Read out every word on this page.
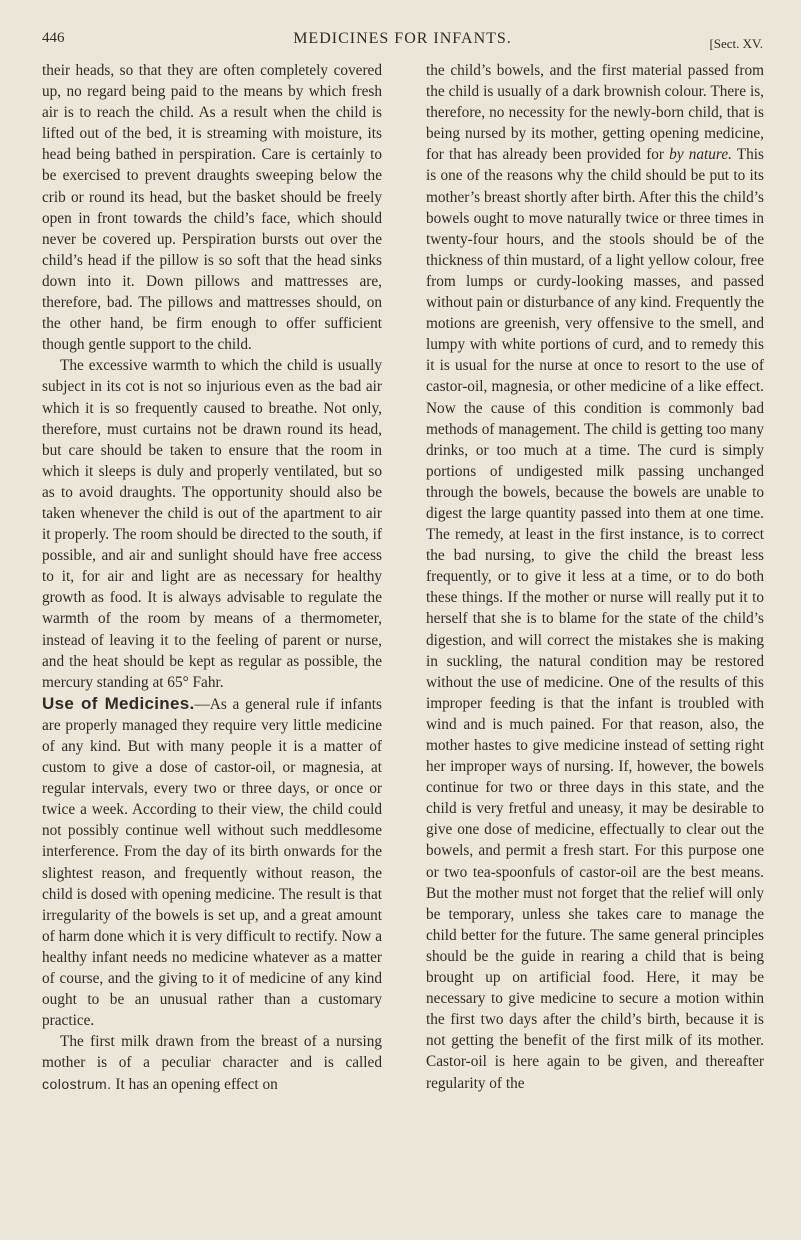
446	MEDICINES FOR INFANTS.	[Sect. XV.

their heads, so that they are often completely covered up, no regard being paid to the means by which fresh air is to reach the child. As a result when the child is lifted out of the bed, it is streaming with moisture, its head being bathed in perspiration. Care is certainly to be exercised to prevent draughts sweeping below the crib or round its head, but the basket should be freely open in front towards the child’s face, which should never be covered up. Perspiration bursts out over the child’s head if the pillow is so soft that the head sinks down into it. Down pillows and mattresses are, therefore, bad. The pillows and mattresses should, on the other hand, be firm enough to offer sufficient though gentle support to the child.

The excessive warmth to which the child is usually subject in its cot is not so injurious even as the bad air which it is so frequently caused to breathe. Not only, therefore, must curtains not be drawn round its head, but care should be taken to ensure that the room in which it sleeps is duly and properly ventilated, but so as to avoid draughts. The opportunity should also be taken whenever the child is out of the apartment to air it properly. The room should be directed to the south, if possible, and air and sunlight should have free access to it, for air and light are as necessary for healthy growth as food. It is always advisable to regulate the warmth of the room by means of a thermometer, instead of leaving it to the feeling of parent or nurse, and the heat should be kept as regular as possible, the mercury standing at 65° Fahr.

Use of Medicines.—As a general rule if infants are properly managed they require very little medicine of any kind. But with many people it is a matter of custom to give a dose of castor-oil, or magnesia, at regular intervals, every two or three days, or once or twice a week. According to their view, the child could not possibly continue well without such meddlesome interference. From the day of its birth onwards for the slightest reason, and frequently without reason, the child is dosed with opening medicine. The result is that irregularity of the bowels is set up, and a great amount of harm done which it is very difficult to rectify. Now a healthy infant needs no medicine whatever as a matter of course, and the giving to it of medicine of any kind ought to be an unusual rather than a customary practice.

The first milk drawn from the breast of a nursing mother is of a peculiar character and is called colostrum. It has an opening effect on

the child’s bowels, and the first material passed from the child is usually of a dark brownish colour. There is, therefore, no necessity for the newly-born child, that is being nursed by its mother, getting opening medicine, for that has already been provided for by nature. This is one of the reasons why the child should be put to its mother’s breast shortly after birth. After this the child’s bowels ought to move naturally twice or three times in twenty-four hours, and the stools should be of the thickness of thin mustard, of a light yellow colour, free from lumps or curdy-looking masses, and passed without pain or disturbance of any kind. Frequently the motions are greenish, very offensive to the smell, and lumpy with white portions of curd, and to remedy this it is usual for the nurse at once to resort to the use of castor-oil, magnesia, or other medicine of a like effect. Now the cause of this condition is commonly bad methods of management. The child is getting too many drinks, or too much at a time. The curd is simply portions of undigested milk passing unchanged through the bowels, because the bowels are unable to digest the large quantity passed into them at one time. The remedy, at least in the first instance, is to correct the bad nursing, to give the child the breast less frequently, or to give it less at a time, or to do both these things. If the mother or nurse will really put it to herself that she is to blame for the state of the child’s digestion, and will correct the mistakes she is making in suckling, the natural condition may be restored without the use of medicine. One of the results of this improper feeding is that the infant is troubled with wind and is much pained. For that reason, also, the mother hastes to give medicine instead of setting right her improper ways of nursing. If, however, the bowels continue for two or three days in this state, and the child is very fretful and uneasy, it may be desirable to give one dose of medicine, effectually to clear out the bowels, and permit a fresh start. For this purpose one or two tea-spoonfuls of castor-oil are the best means. But the mother must not forget that the relief will only be temporary, unless she takes care to manage the child better for the future. The same general principles should be the guide in rearing a child that is being brought up on artificial food. Here, it may be necessary to give medicine to secure a motion within the first two days after the child’s birth, because it is not getting the benefit of the first milk of its mother. Castor-oil is here again to be given, and thereafter regularity of the
